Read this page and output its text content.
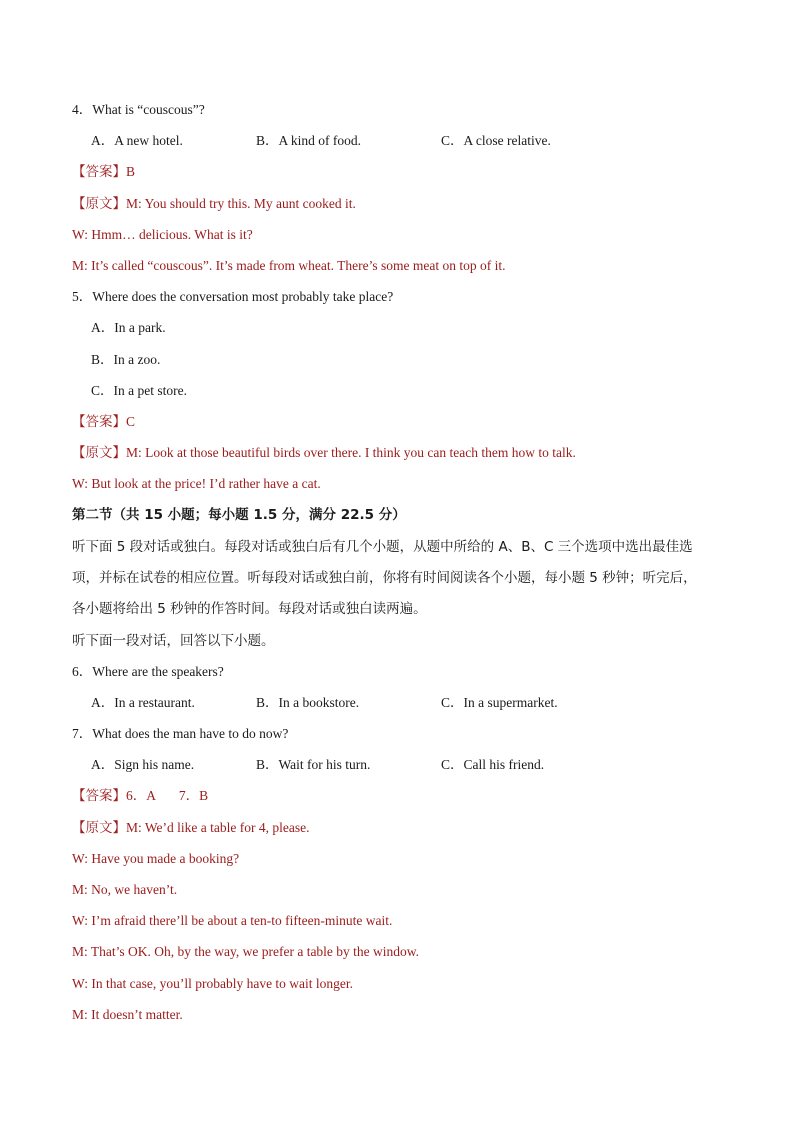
4．What is “couscous”?
A．A new hotel.	B．A kind of food.	C．A close relative.
【答案】B
【原文】M: You should try this. My aunt cooked it.
W: Hmm… delicious. What is it?
M: It’s called “couscous”. It’s made from wheat. There’s some meat on top of it.
5．Where does the conversation most probably take place?
A．In a park.
B．In a zoo.
C．In a pet store.
【答案】C
【原文】M: Look at those beautiful birds over there. I think you can teach them how to talk.
W: But look at the price! I’d rather have a cat.
第二节（共 15 小题；每小题 1.5 分，满分 22.5 分）
听下面 5 段对话或独白。每段对话或独白后有几个小题，从题中所给的 A、B、C 三个选项中选出最佳选
项，并标在试卷的相应位置。听每段对话或独白前，你将有时间阅读各个小题，每小题 5 秒钟；听完后，
各小题将给出 5 秒钟的作答时间。每段对话或独白读两遍。
听下面一段对话，回答以下小题。
6．Where are the speakers?
A．In a restaurant.	B．In a bookstore.	C．In a supermarket.
7．What does the man have to do now?
A．Sign his name.	B．Wait for his turn.	C．Call his friend.
【答案】6．A       7．B
【原文】M: We’d like a table for 4, please.
W: Have you made a booking?
M: No, we haven’t.
W: I’m afraid there’ll be about a ten-to fifteen-minute wait.
M: That’s OK. Oh, by the way, we prefer a table by the window.
W: In that case, you’ll probably have to wait longer.
M: It doesn’t matter.
